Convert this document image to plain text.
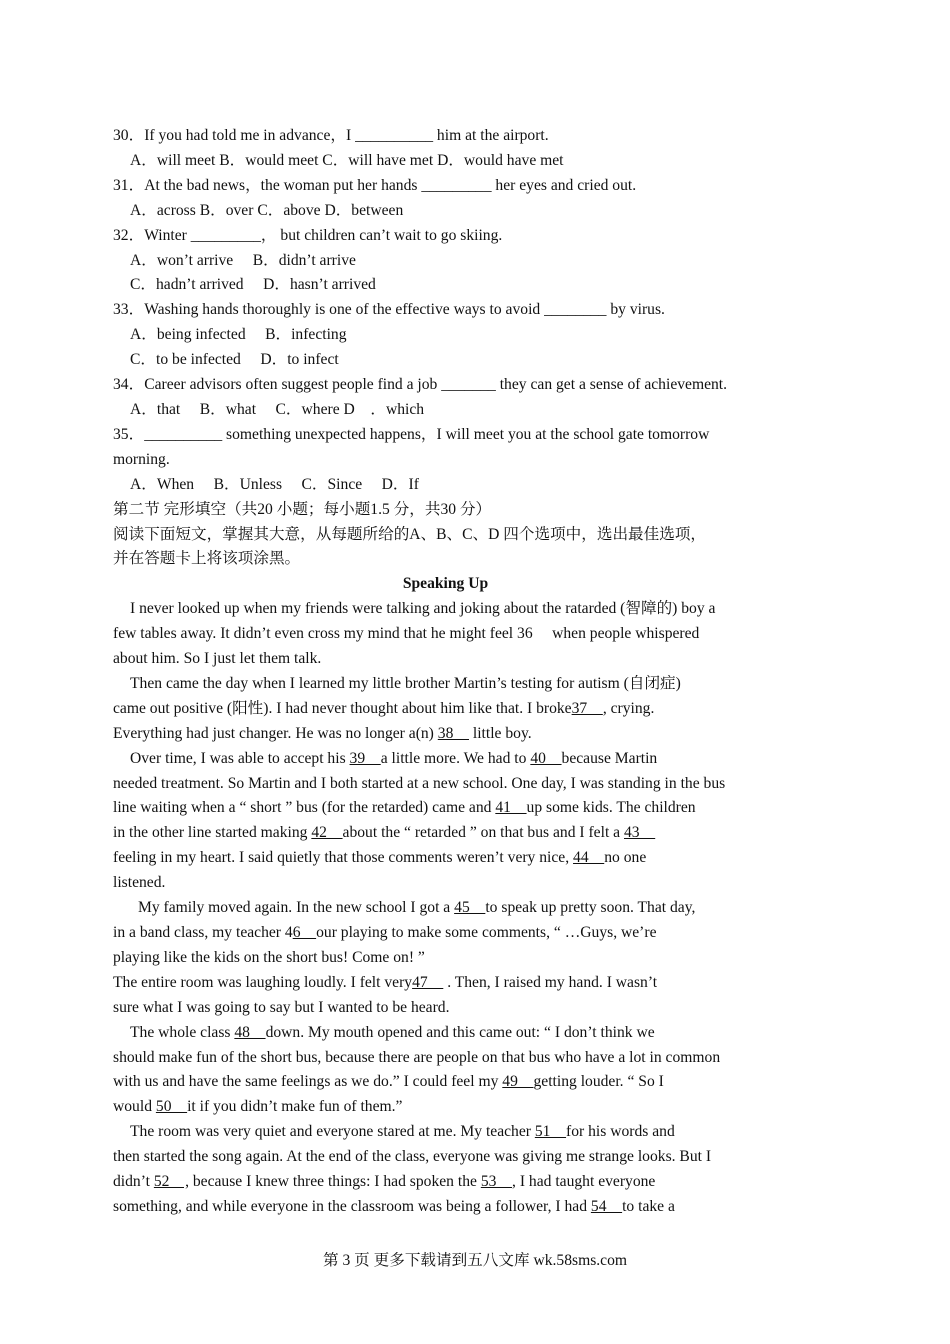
30．If you had told me in advance，I __________ him at the airport.

A．will meet B．would meet C．will have met D．would have met

31．At the bad news，the woman put her hands _________ her eyes and cried out.

A．across B．over C．above D．between

32．Winter _________， but children can’t wait to go skiing.

A．won’t arrive　 B．didn’t arrive

C．hadn’t arrived　 D．hasn’t arrived

33．Washing hands thoroughly is one of the effective ways to avoid ________ by virus.

A．being infected　 B．infecting

C．to be infected　 D．to infect

34．Career advisors often suggest people find a job _______ they can get a sense of achievement.

A．that　 B．what　 C．where D　．which

35．__________ something unexpected happens，I will meet you at the school gate tomorrow

morning.

A．When　 B．Unless　 C．Since　 D．If

第二节 完形填空（共20 小题；每小题1.5 分，共30 分）

阅读下面短文，掌握其大意，从每题所给的A、B、C、D 四个选项中，选出最佳选项，

并在答题卡上将该项涂黑。

Speaking Up

I never looked up when my friends were talking and joking about the ratarded (智障的) boy a

few tables away. It didn’t even cross my mind that he might feel 36　 when people whispered

about him. So I just let them talk.

Then came the day when I learned my little brother Martin’s testing for autism (自闭症)

came out positive (阳性). I had never thought about him like that. I broke37　, crying.

Everything had just changer. He was no longer a(n) 38　 little boy.

Over time, I was able to accept his 39　a little more. We had to 40　because Martin

needed treatment. So Martin and I both started at a new school. One day, I was standing in the bus

line waiting when a “ short ” bus (for the retarded) came and 41　up some kids. The children

in the other line started making 42　about the “ retarded ” on that bus and I felt a 43　

feeling in my heart. I said quietly that those comments weren’t very nice, 44　no one

listened.

My family moved again. In the new school I got a 45　to speak up pretty soon. That day,

in a band class, my teacher 46　our playing to make some comments, “ …Guys, we’re

playing like the kids on the short bus! Come on! ”

The entire room was laughing loudly. I felt very47　 . Then, I raised my hand. I wasn’t

sure what I was going to say but I wanted to be heard.

The whole class 48　down. My mouth opened and this came out: “ I don’t think we

should make fun of the short bus, because there are people on that bus who have a lot in common

with us and have the same feelings as we do.” I could feel my 49　getting louder. “ So I

would 50　it if you didn’t make fun of them.”

The room was very quiet and everyone stared at me. My teacher 51　for his words and

then started the song again. At the end of the class, everyone was giving me strange looks. But I

didn’t 52　, because I knew three things: I had spoken the 53　, I had taught everyone

something, and while everyone in the classroom was being a follower, I had 54　to take a

第 3 页 更多下载请到五八文库 wk.58sms.com
